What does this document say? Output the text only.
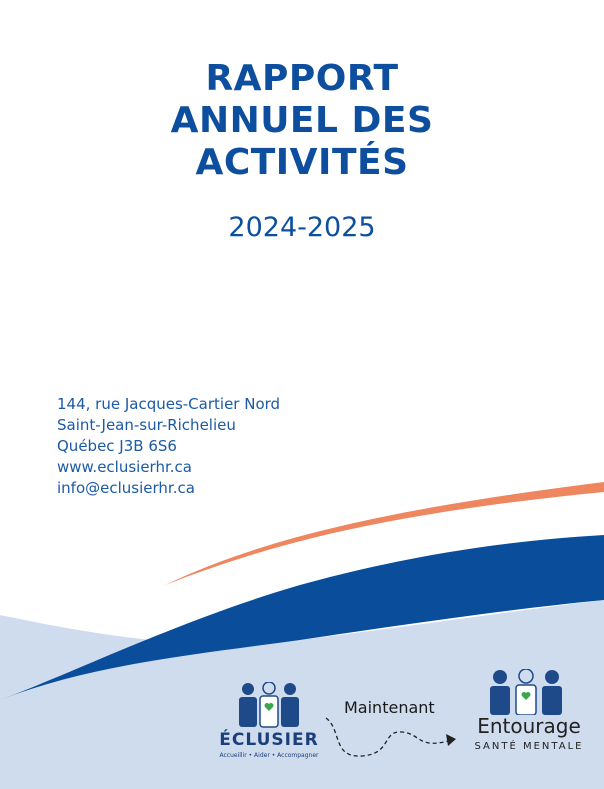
RAPPORT
ANNUEL DES
ACTIVITÉS
2024-2025
144, rue Jacques-Cartier Nord
Saint-Jean-sur-Richelieu
Québec J3B 6S6
www.eclusierhr.ca
info@eclusierhr.ca
ÉCLUSIER
Accueillir • Aider • Accompagner
Maintenant
Entourage
SANTÉ MENTALE
